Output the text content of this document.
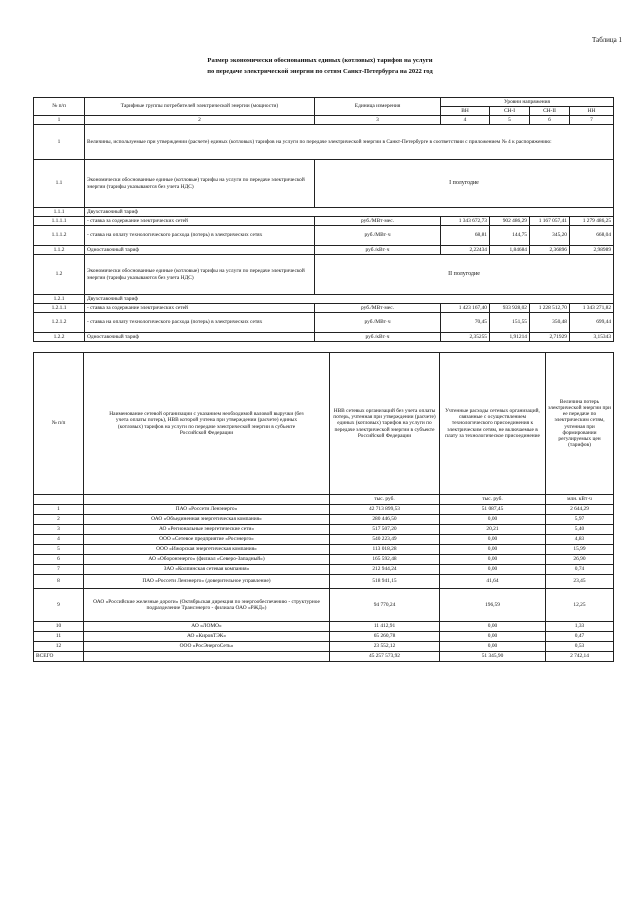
Таблица 1
Размер экономически обоснованных единых (котловых) тарифов на услуги
по передаче электрической энергии по сетям Санкт-Петербурга на 2022 год
№ п/п	Тарифные группы потребителей электрической энергии (мощности)	Единица измерения	Уровни напряжения			
			ВН	СН-I	СН-II	НН
1	2	3	4	5	6	7
1	Величины, используемые при утверждении (расчете) единых (котловых) тарифов на услуги по передаче электрической энергии в Санкт-Петербурге в соответствии с приложением № 4 к распоряжению:					
1.1	Экономически обоснованные единые (котловые) тарифы на услуги по передаче электрической энергии (тарифы указываются без учета НДС)	I полугодие				
1.1.1	Двухставочный тариф					
1.1.1.1	- ставка за содержание электрических сетей	руб./МВт·мес.	1 343 672,73	902 486,29	1 167 057,41	1 279 486,25
1.1.1.2	- ставка на оплату технологического расхода (потерь) в электрических сетях	руб./МВт·ч	68,81	144,75	345,20	668,04
1.1.2	Одноставочный тариф	руб./кВт·ч	2,22434	1,84684	2,36896	2,98989
1.2	Экономически обоснованные единые (котловые) тарифы на услуги по передаче электрической энергии (тарифы указываются без учета НДС)	II полугодие				
1.2.1	Двухставочный тариф					
1.2.1.1	- ставка за содержание электрических сетей	руб./МВт·мес.	1 423 167,40	933 928,02	1 228 512,70	1 343 271,82
1.2.1.2	- ставка на оплату технологического расхода (потерь) в электрических сетях	руб./МВт·ч	70,45	151,55	350,48	699,44
1.2.2	Одноставочный тариф	руб./кВт·ч	2,35255	1,91214	2,71929	3,15343
№ п/п	Наименование сетевой организации с указанием необходимой валовой выручки (без учета оплаты потерь), НВВ которой учтена при утверждении (расчете) единых (котловых) тарифов на услуги по передаче электрической энергии в субъекте Российской Федерации	НВВ сетевых организаций без учета оплаты потерь, учтенная при утверждении (расчете) единых (котловых) тарифов на услуги по передаче электрической энергии в субъекте Российской Федерации	Учтенные расходы сетевых организаций, связанные с осуществлением технологического присоединения к электрическим сетям, не включаемые в плату за технологическое присоединение	Величина потерь электрической энергии при ее передаче по электрическим сетям, учтенная при формировании регулируемых цен (тарифов)
		тыс. руб.	тыс. руб.	млн. кВт·ч
1	ПАО «Россети Ленэнерго»	42 713 899,53	51 087,45	2 644,29
2	ОАО «Объединенная энергетическая компания»	280 446,50	0,00	5,97
3	АО «Региональные энергетические сети»	517 507,20	20,21	5,40
4	ООО «Сетевое предприятие «Росэнерго»	540 223,49	0,00	4,83
5	ООО «Ижорская энергетическая компания»	113 018,28	0,00	15,99
6	АО «Оборонэнерго» (филиал «Северо-Западный»)	165 592,48	0,00	26,90
7	ЗАО «Колпинская сетевая компания»	212 944,24	0,00	0,74
8	ПАО «Россети Ленэнерго» (доверительное управление)	518 941,15	41,64	23,45
9	ОАО «Российские железные дороги» (Октябрьская дирекция по энергообеспечению - структурное подразделение Трансэнерго - филиала ОАО «РЖД»)	94 770,24	196,59	12,25
10	АО «ЛОМО»	11 412,91	0,00	1,33
11	АО «КировТЭК»	65 260,78	0,00	0,47
12	ООО «РосЭнергоСеть»	23 552,12	0,00	0,53
ВСЕГО		45 257 573,92	51 345,90	2 742,14
